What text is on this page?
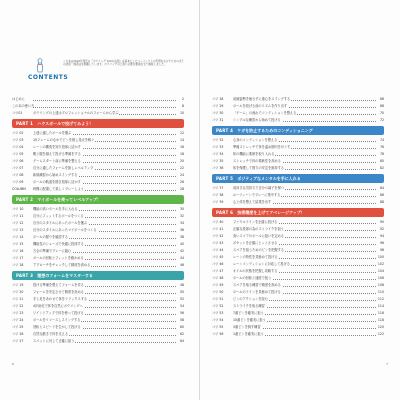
CONTENTS
この本は2016年発売の『ボウリング 100の法則』を基本としたパーフェクトの実現をめざすための全ての技術・練習法を網羅しています。ボウリングの上達に必要な要素を全て解説しました。
はじめに	2
この本の使い方	8
コツ01	ボウリングの上達はプロフェッショナルのフォームから学ぶ	10
PART 1 ハウスボールで投げてみよう！
コツ 02	上達に適したボールを選ぶ	12
コツ 03	10フレームのなかでピンを倒し得点を稼ぐ	14
コツ 04	レーンの構造を知り投球に活かす	16
コツ 05	靴と服を揃えて投げる準備をする	18
コツ 06	ゲームスタート前に準備を整える	20
コツ 07	自分に適したフォームを探しレベルアップ	22
コツ 08	新規練習から始めスイングする	24
コツ 09	ボールの軌道を描き投球に活かす	26
COLUMN 時間に配慮して楽しくプレーしよう	28
PART 2 マイボールを使ってレベルアップ！
コツ 10	機能の高いボールを手に入れる	30
コツ 11	自分にフィットするボールをつくる	32
コツ 12	自分のスタイルにあったボールを選ぶ	34
コツ 13	自分のスタイルにあったマイボールをつくる	36
コツ 14	ボールの握りを確認する	38
コツ 15	機能性のシューズで快適に投球する	40
コツ 16	万全の準備でプレーに臨む	42
コツ 17	ボールの回転とフィットを確かめる	44
コツ 18	アプローチをチェックして精度を高める	46
PART 3 理想のフォームをマスターする
コツ 19	投げる準備を整えてフォームを作る	48
コツ 20	フォームを安定させて精度を高める	50
コツ 21	手と足をあわせて体をリラックスする	52
コツ 22	4歩助走で体を自然にボウリングへ	54
コツ 23	ワインドアップで体を使って投げる	56
コツ 24	ボールをリリースしスイングする	58
コツ 25	回転とスピードを生かして投げる	60
コツ 26	自然な動きで体を支える	62
コツ 27	スパットに対して正確に狙う	64
6
コツ 28	前傾姿勢を崩さずに重心をスイングする	66
コツ 29	ボールを投げる前のリズムを作り出す	68
コツ 30	「ゲーム」の流れでコンディションを整える	70
コツ 31	シンプルな練習から始めて投げる	72
PART 4 ケガを防止するためのコンディショニング
コツ 32	心身のコンディションを整える	74
コツ 33	準備ストレッチで体を温め筋肉をほぐす	76
コツ 34	体の機能に柔軟を取り入れる	78
コツ 35	ストレッチで体の柔軟性を高める	80
コツ 36	体を保護して筋力の安定を維持する	82
PART 5 ポジティブなメンタルを手に入れる
コツ 37	前向きな気持ちで自分の調子を保つ	84
コツ 38	ルーティーンでプレーに集中する	86
コツ 39	心と体を整えて結果を出す	88
PART 6 技術精度を上げてアベレージアップ！
コツ 40	ファウルラインを正確に投げる	90
コツ 41	正確な投球の為のストライクを狙う	92
コツ 42	高いスコアのボールに狙いを定める	94
コツ 43	ポケットを正確にヒットさせる	96
コツ 44	スペアを狙うためのピンを把握する	98
コツ 45	レーンの特性を見極めて投げる	100
コツ 46	レーンコンディションに対応して投げる	102
コツ 47	オイルの状態を把握し攻略する	104
コツ 48	ボールの回転と速度で狙う	106
コツ 49	スペアを取る練習で精度を高める	108
コツ 50	ボールのラインを見極めて投げる	110
コツ 51	ピンのアクションを読む	112
コツ 52	ストライクを取る練習	114
コツ 53	7番ピンを確実に狙う	116
コツ 54	10番ピンを確実に狙う	118
コツ 55	3番ピンを倒す練習	120
コツ 56	1番ピンを確実に狙う	122
7
